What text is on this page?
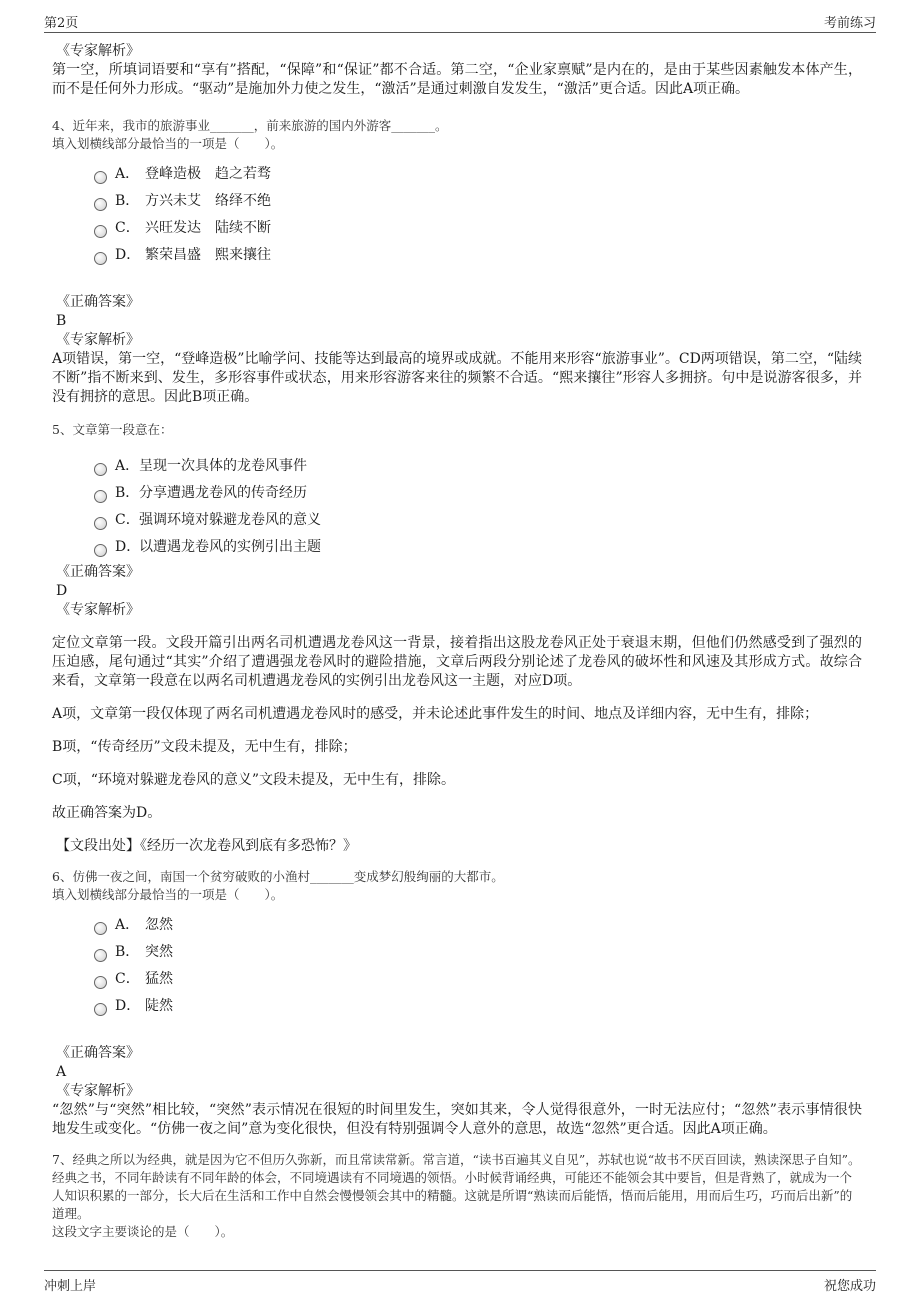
第2页	考前练习
《专家解析》
第一空，所填词语要和“享有”搭配，“保障”和“保证”都不合适。第二空，“企业家禀赋”是内在的，是由于某些因素触发本体产生，而不是任何外力形成。“驱动”是施加外力使之发生，“激活”是通过刺激自发发生，“激活”更合适。因此A项正确。
4、近年来，我市的旅游事业_______，前来旅游的国内外游客_______。
填入划横线部分最恰当的一项是（　　）。
A． 登峰造极　趋之若骛
B． 方兴未艾　络绎不绝
C． 兴旺发达　陆续不断
D． 繁荣昌盛　熙来攘往
《正确答案》
B
《专家解析》
A项错误，第一空，“登峰造极”比喻学问、技能等达到最高的境界或成就。不能用来形容“旅游事业”。CD两项错误，第二空，“陆续不断”指不断来到、发生，多形容事件或状态，用来形容游客来往的频繁不合适。“熙来攘往”形容人多拥挤。句中是说游客很多，并没有拥挤的意思。因此B项正确。
5、文章第一段意在：
A． 呈现一次具体的龙卷风事件
B． 分享遭遇龙卷风的传奇经历
C． 强调环境对躲避龙卷风的意义
D．
以遭遇龙卷风的实例引出主题
《正确答案》
D
《专家解析》
定位文章第一段。文段开篇引出两名司机遭遇龙卷风这一背景，接着指出这股龙卷风正处于衰退末期，但他们仍然感受到了强烈的压迫感，尾句通过“其实”介绍了遭遇强龙卷风时的避险措施，文章后两段分别论述了龙卷风的破坏性和风速及其形成方式。故综合来看，文章第一段意在以两名司机遭遇龙卷风的实例引出龙卷风这一主题，对应D项。
A项，文章第一段仅体现了两名司机遭遇龙卷风时的感受，并未论述此事件发生的时间、地点及详细内容，无中生有，排除；
B项，“传奇经历”文段未提及，无中生有，排除；
C项，“环境对躲避龙卷风的意义”文段未提及，无中生有，排除。
故正确答案为D。
【文段出处】《经历一次龙卷风到底有多恐怖？》
6、仿佛一夜之间，南国一个贫穷破败的小渔村_______变成梦幻般绚丽的大都市。
填入划横线部分最恰当的一项是（　　）。
A． 忽然
B． 突然
C． 猛然
D． 陡然
《正确答案》
A
《专家解析》
“忽然”与“突然”相比较，“突然”表示情况在很短的时间里发生，突如其来，令人觉得很意外，一时无法应付；“忽然”表示事情很快地发生或变化。“仿佛一夜之间”意为变化很快，但没有特别强调令人意外的意思，故选“忽然”更合适。因此A项正确。
7、经典之所以为经典，就是因为它不但历久弥新，而且常读常新。常言道，“读书百遍其义自见”，苏轼也说“故书不厌百回读，熟读深思子自知”。经典之书，不同年龄读有不同年龄的体会，不同境遇读有不同境遇的领悟。小时候背诵经典，可能还不能领会其中要旨，但是背熟了，就成为一个人知识积累的一部分，长大后在生活和工作中自然会慢慢领会其中的精髓。这就是所谓“熟读而后能悟，悟而后能用，用而后生巧，巧而后出新”的道理。
这段文字主要谈论的是（　　）。
冲刺上岸	祝您成功
